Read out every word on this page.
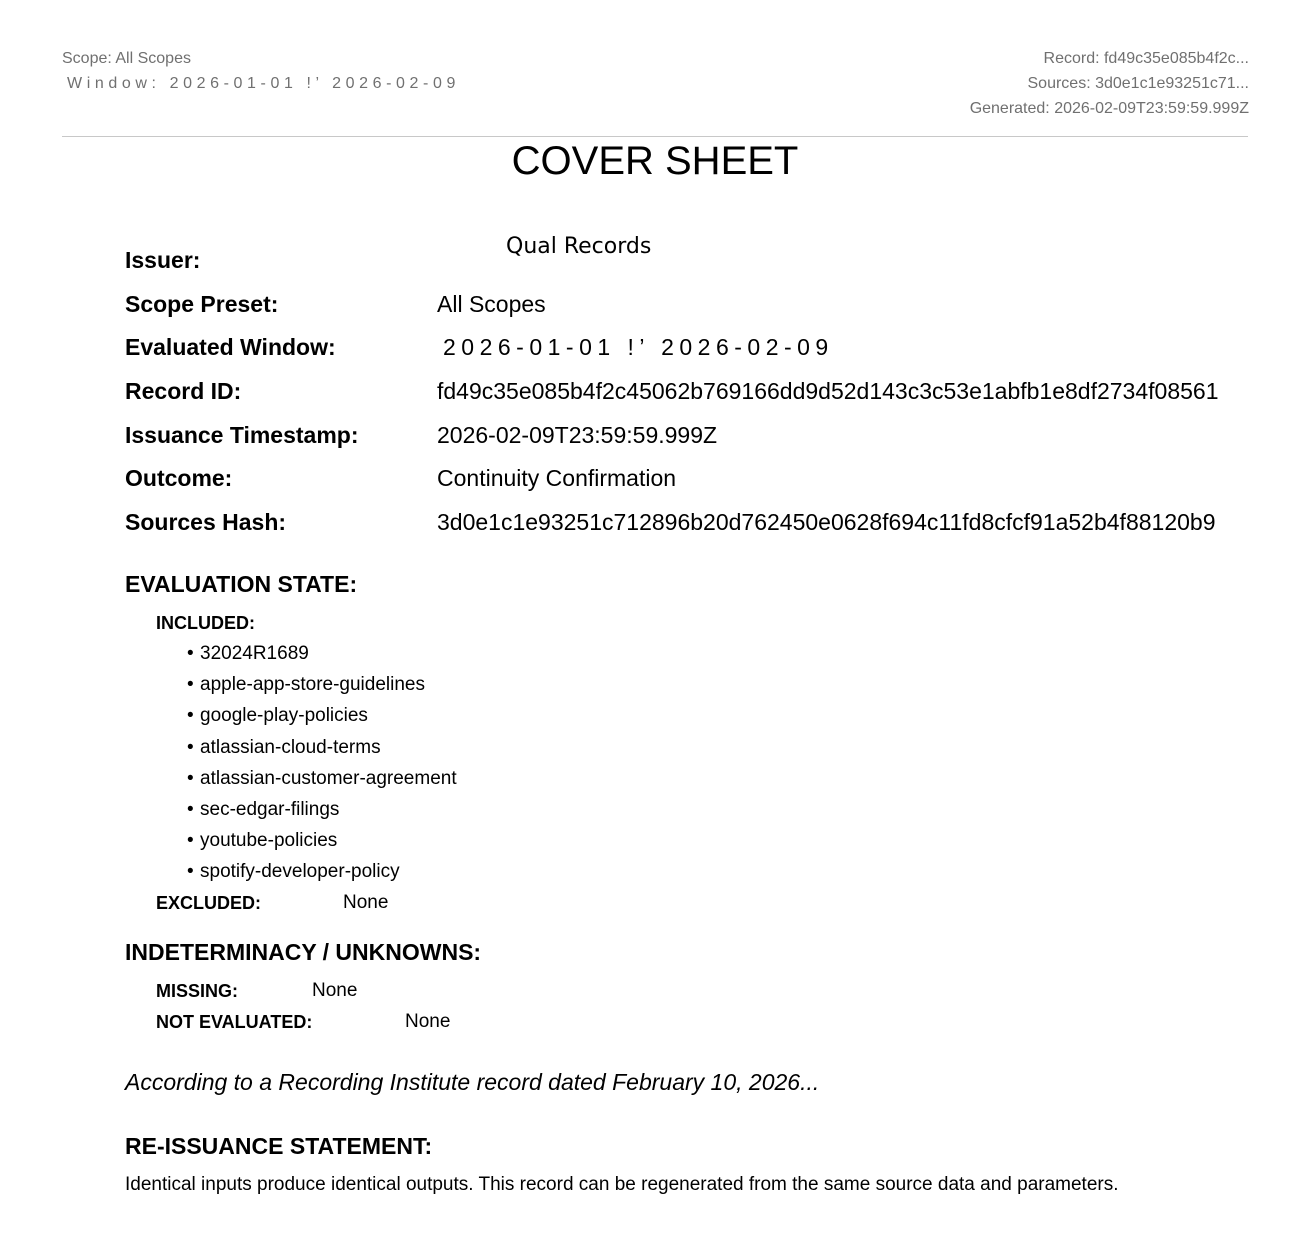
Scope: All Scopes
Window: 2026-01-01 !’ 2026-02-09
Record: fd49c35e085b4f2c...
Sources: 3d0e1c1e93251c71...
Generated: 2026-02-09T23:59:59.999Z
COVER SHEET
Issuer:
Qual Records
Scope Preset:	All Scopes
Evaluated Window:	2026-01-01 !’ 2026-02-09
Record ID:	fd49c35e085b4f2c45062b769166dd9d52d143c3c53e1abfb1e8df2734f08561
Issuance Timestamp:	2026-02-09T23:59:59.999Z
Outcome:	Continuity Confirmation
Sources Hash:	3d0e1c1e93251c712896b20d762450e0628f694c11fd8cfcf91a52b4f88120b9
EVALUATION STATE:
INCLUDED:
• 32024R1689
• apple-app-store-guidelines
• google-play-policies
• atlassian-cloud-terms
• atlassian-customer-agreement
• sec-edgar-filings
• youtube-policies
• spotify-developer-policy
EXCLUDED:	None
INDETERMINACY / UNKNOWNS:
MISSING:	None
NOT EVALUATED:	None
According to a Recording Institute record dated February 10, 2026...
RE-ISSUANCE STATEMENT:
Identical inputs produce identical outputs. This record can be regenerated from the same source data and parameters.
